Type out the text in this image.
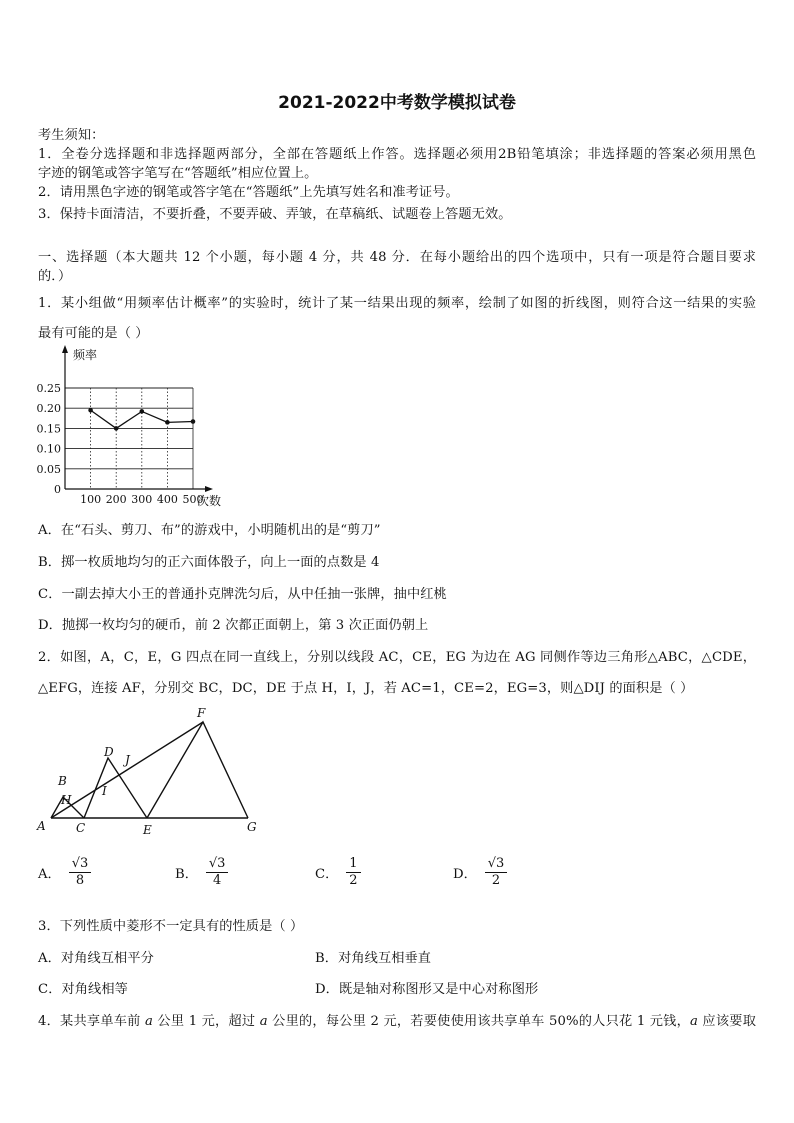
2021-2022中考数学模拟试卷
考生须知：
1．全卷分选择题和非选择题两部分，全部在答题纸上作答。选择题必须用2B铅笔填涂；非选择题的答案必须用黑色
字迹的钢笔或答字笔写在“答题纸”相应位置上。
2．请用黑色字迹的钢笔或答字笔在“答题纸”上先填写姓名和准考证号。
3．保持卡面清洁，不要折叠，不要弄破、弄皱，在草稿纸、试题卷上答题无效。
一、选择题（本大题共 12 个小题，每小题 4 分，共 48 分．在每小题给出的四个选项中，只有一项是符合题目要求
的．）
1．某小组做“用频率估计概率”的实验时，统计了某一结果出现的频率，绘制了如图的折线图，则符合这一结果的实验
最有可能的是（ ）
0
0.05
0.10
0.15
0.20
0.25
100 200 300 400 500
频率
次数
A．在“石头、剪刀、布”的游戏中，小明随机出的是“剪刀”
B．掷一枚质地均匀的正六面体骰子，向上一面的点数是 4
C．一副去掉大小王的普通扑克牌洗匀后，从中任抽一张牌，抽中红桃
D．抛掷一枚均匀的硬币，前 2 次都正面朝上，第 3 次正面仍朝上
2．如图，A，C，E，G 四点在同一直线上，分别以线段 AC，CE，EG 为边在 AG 同侧作等边三角形△ABC，△CDE，
△EFG，连接 AF，分别交 BC，DC，DE 于点 H，I，J，若 AC=1，CE=2，EG=3，则△DIJ 的面积是（ ）
A
B
H
C
D
I
J
E
F
G
A． $\frac{√3}{8}$	B． $\frac{√3}{4}$	C． $\frac{1}{2}$	D． $\frac{√3}{2}$
3．下列性质中菱形不一定具有的性质是（ ）
A．对角线互相平分	B．对角线互相垂直
C．对角线相等	D．既是轴对称图形又是中心对称图形
4．某共享单车前 a 公里 1 元，超过 a 公里的，每公里 2 元，若要使使用该共享单车 50%的人只花 1 元钱，a 应该要取
